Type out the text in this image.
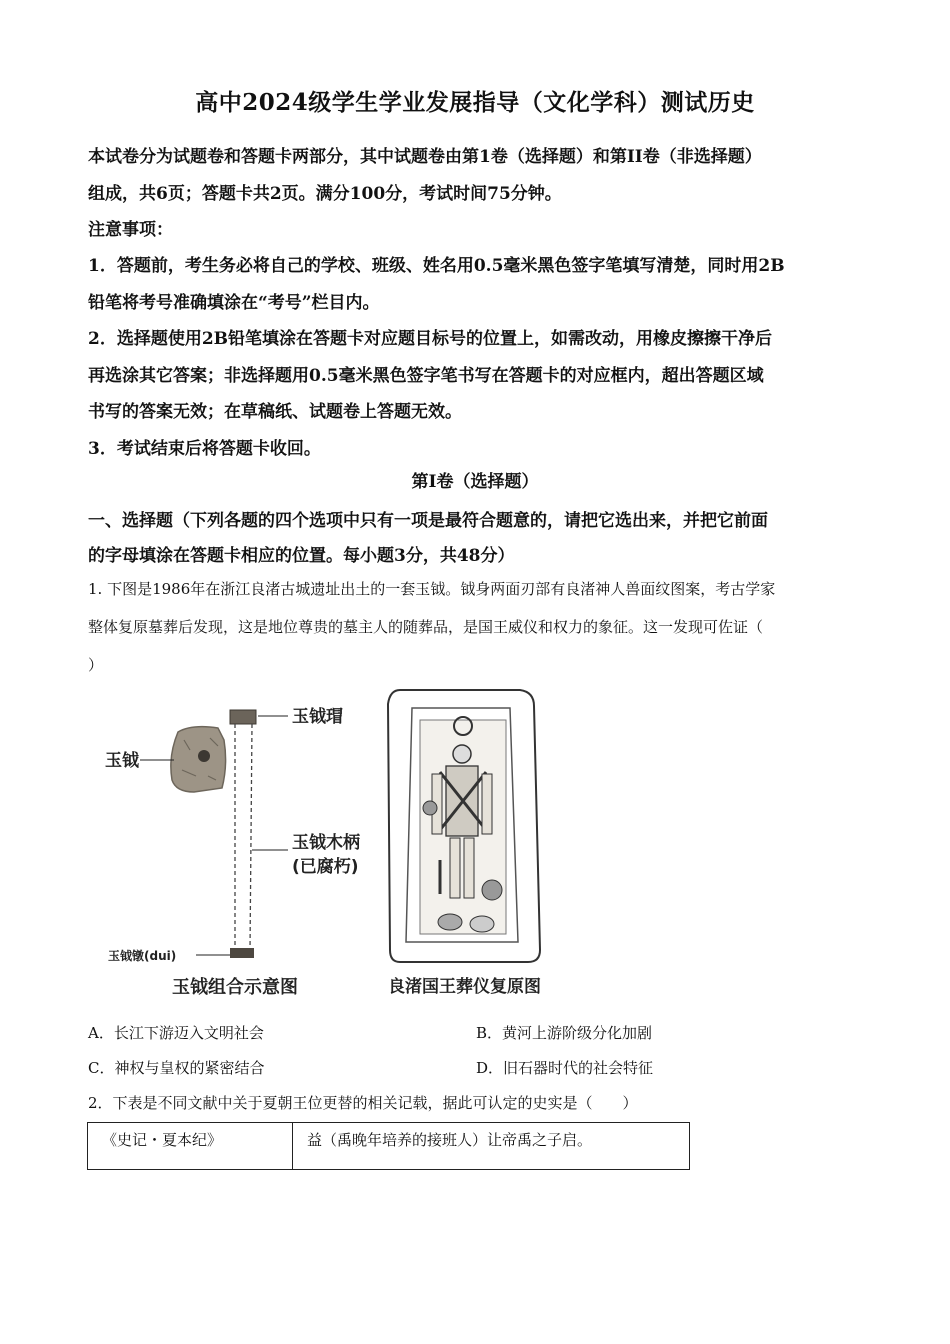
高中2024级学生学业发展指导（文化学科）测试历史
本试卷分为试题卷和答题卡两部分，其中试题卷由第1卷（选择题）和第II卷（非选择题）
组成，共6页；答题卡共2页。满分100分，考试时间75分钟。
注意事项：
1．答题前，考生务必将自己的学校、班级、姓名用0.5毫米黑色签字笔填写清楚，同时用2B
铅笔将考号准确填涂在“考号”栏目内。
2．选择题使用2B铅笔填涂在答题卡对应题目标号的位置上，如需改动，用橡皮擦擦干净后
再选涂其它答案；非选择题用0.5毫米黑色签字笔书写在答题卡的对应框内，超出答题区域
书写的答案无效；在草稿纸、试题卷上答题无效。
3．考试结束后将答题卡收回。
第I卷（选择题）
一、选择题（下列各题的四个选项中只有一项是最符合题意的，请把它选出来，并把它前面
的字母填涂在答题卡相应的位置。每小题3分，共48分）
1. 下图是1986年在浙江良渚古城遗址出土的一套玉钺。钺身两面刃部有良渚神人兽面纹图案，考古学家
整体复原墓葬后发现，这是地位尊贵的墓主人的随葬品，是国王威仪和权力的象征。这一发现可佐证（
）
玉钺
玉钺瑁
玉钺木柄
(已腐朽)
玉钺镦(dui)
玉钺组合示意图	良渚国王葬仪复原图
A．长江下游迈入文明社会	B．黄河上游阶级分化加剧
C．神权与皇权的紧密结合	D．旧石器时代的社会特征
2．下表是不同文献中关于夏朝王位更替的相关记载，据此可认定的史实是（　　）
《史记・夏本纪》	益（禹晚年培养的接班人）让帝禹之子启。
